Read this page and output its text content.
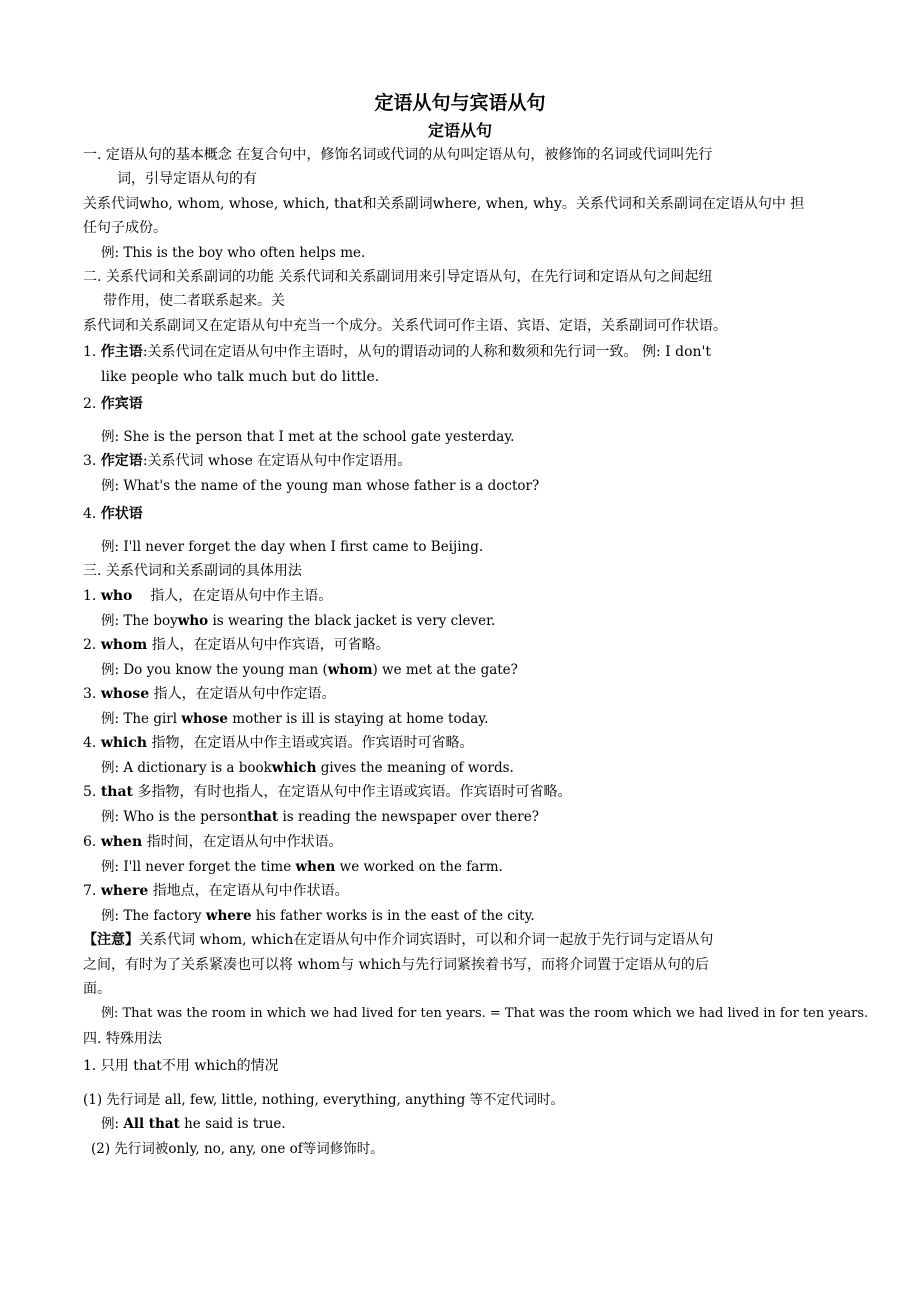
定语从句与宾语从句
定语从句
一. 定语从句的基本概念 在复合句中，修饰名词或代词的从句叫定语从句，被修饰的名词或代词叫先行
词，引导定语从句的有
关系代词who, whom, whose, which, that和关系副词where, when, why。关系代词和关系副词在定语从句中 担
任句子成份。
例: This is the boy who often helps me.
二. 关系代词和关系副词的功能 关系代词和关系副词用来引导定语从句，在先行词和定语从句之间起纽
带作用，使二者联系起来。关
系代词和关系副词又在定语从句中充当一个成分。关系代词可作主语、宾语、定语，关系副词可作状语。
1. 作主语:关系代词在定语从句中作主语时，从句的谓语动词的人称和数须和先行词一致。 例: I don't
like people who talk much but do little.
2. 作宾语
例: She is the person that I met at the school gate yesterday.
3. 作定语:关系代词 whose 在定语从句中作定语用。
例: What's the name of the young man whose father is a doctor?
4. 作状语
例: I'll never forget the day when I first came to Beijing.
三. 关系代词和关系副词的具体用法
1. who 指人，在定语从句中作主语。
例: The boywho is wearing the black jacket is very clever.
2. whom 指人，在定语从句中作宾语，可省略。
例: Do you know the young man (whom) we met at the gate?
3. whose 指人，在定语从句中作定语。
例: The girl whose mother is ill is staying at home today.
4. which 指物，在定语从中作主语或宾语。作宾语时可省略。
例: A dictionary is a bookwhich gives the meaning of words.
5. that 多指物，有时也指人，在定语从句中作主语或宾语。作宾语时可省略。
例: Who is the personthat is reading the newspaper over there?
6. when 指时间，在定语从句中作状语。
例: I'll never forget the time when we worked on the farm.
7. where 指地点，在定语从句中作状语。
例: The factory where his father works is in the east of the city.
【注意】关系代词 whom, which在定语从句中作介词宾语时，可以和介词一起放于先行词与定语从句
之间，有时为了关系紧凑也可以将 whom与 which与先行词紧挨着书写，而将介词置于定语从句的后
面。
例: That was the room in which we had lived for ten years. = That was the room which we had lived in for ten years.
四. 特殊用法
1. 只用 that不用 which的情况
(1) 先行词是 all, few, little, nothing, everything, anything 等不定代词时。
例: All that he said is true.
(2) 先行词被only, no, any, one of等词修饰时。
